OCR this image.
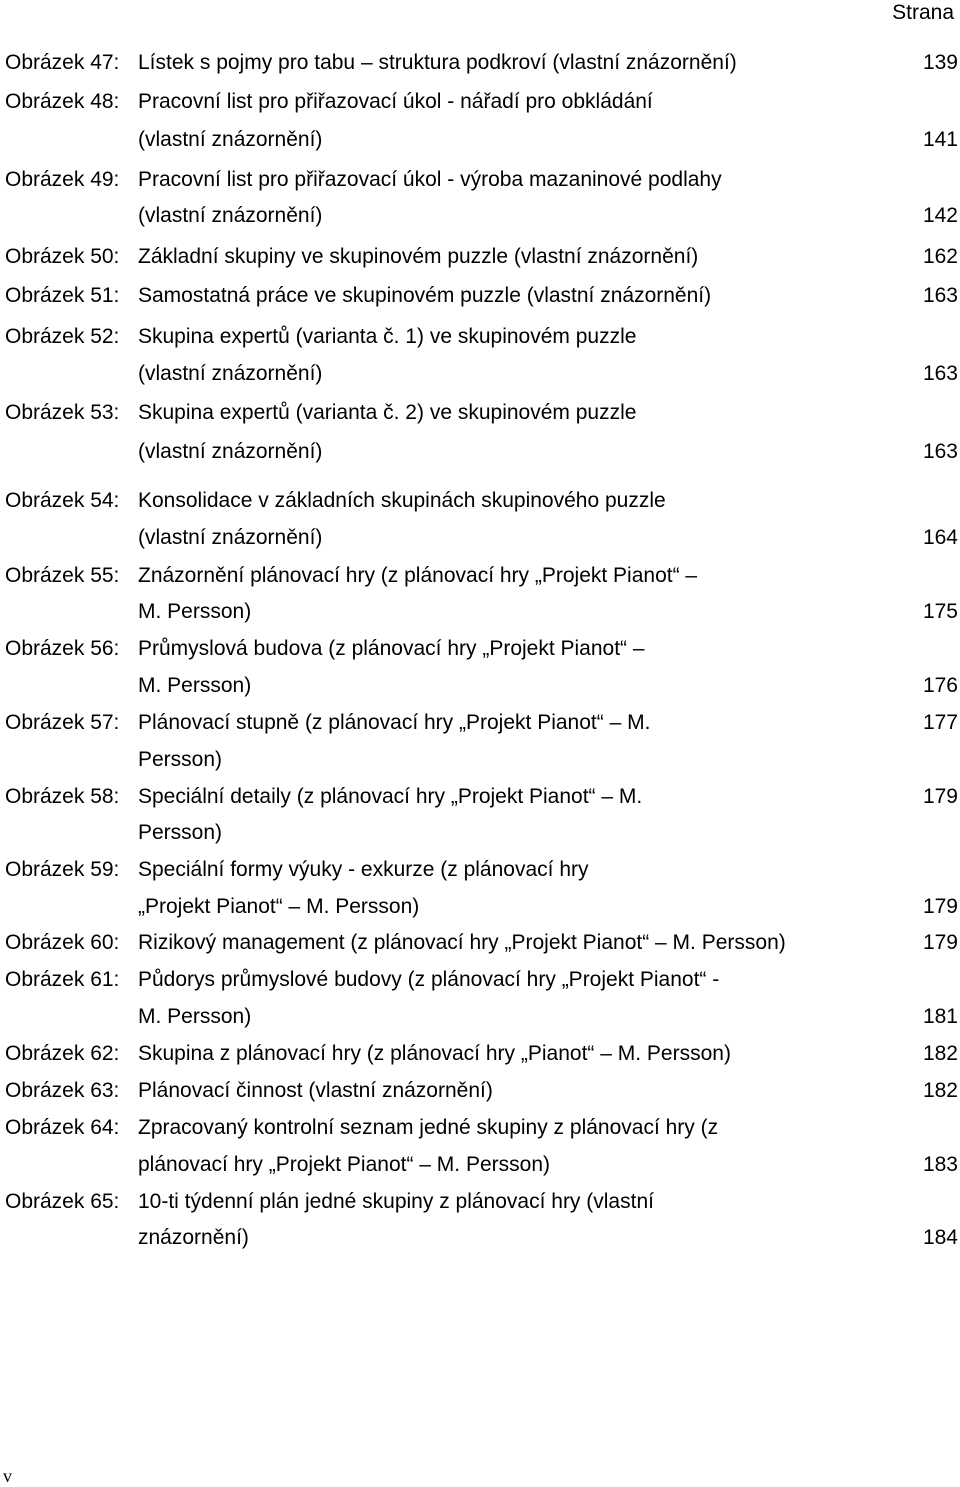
Strana
Obrázek 47: Lístek s pojmy pro tabu – struktura podkroví (vlastní znázornění)	139
Obrázek 48: Pracovní list pro přiřazovací úkol - nářadí pro obkládání
(vlastní znázornění)	141
Obrázek 49: Pracovní list pro přiřazovací úkol - výroba mazaninové podlahy
(vlastní znázornění)	142
Obrázek 50: Základní skupiny ve skupinovém puzzle (vlastní znázornění)	162
Obrázek 51: Samostatná práce ve skupinovém puzzle (vlastní znázornění)	163
Obrázek 52: Skupina expertů (varianta č. 1) ve skupinovém puzzle
(vlastní znázornění)	163
Obrázek 53: Skupina expertů (varianta č. 2) ve skupinovém puzzle
(vlastní znázornění)	163
Obrázek 54: Konsolidace v základních skupinách skupinového puzzle
(vlastní znázornění)	164
Obrázek 55: Znázornění plánovací hry (z plánovací hry „Projekt Pianot“ –
M. Persson)	175
Obrázek 56: Průmyslová budova (z plánovací hry „Projekt Pianot“ –
M. Persson)	176
Obrázek 57: Plánovací stupně (z plánovací hry „Projekt Pianot“ – M.	177
Persson)
Obrázek 58: Speciální detaily (z plánovací hry „Projekt Pianot“ – M.	179
Persson)
Obrázek 59: Speciální formy výuky - exkurze (z plánovací hry
„Projekt Pianot“ – M. Persson)	179
Obrázek 60: Rizikový management (z plánovací hry „Projekt Pianot“ – M. Persson)	179
Obrázek 61: Půdorys průmyslové budovy (z plánovací hry „Projekt Pianot“ -
M. Persson)	181
Obrázek 62: Skupina z plánovací hry (z plánovací hry „Pianot“ – M. Persson)	182
Obrázek 63: Plánovací činnost (vlastní znázornění)	182
Obrázek 64: Zpracovaný kontrolní seznam jedné skupiny z plánovací hry (z
plánovací hry „Projekt Pianot“ – M. Persson)	183
Obrázek 65: 10-ti týdenní plán jedné skupiny z plánovací hry (vlastní
znázornění)	184
v
